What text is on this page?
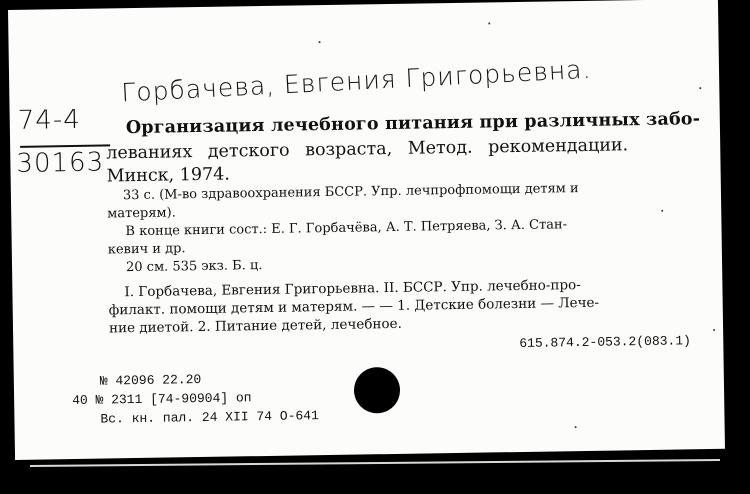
Горбачева, Евгения Григорьевна.
74-4
30163
Организация лечебного питания при различных забо-
леваниях детского возраста, Метод. рекомендации.
Минск, 1974.
33 с. (М-во здравоохранения БССР. Упр. лечпрофпомощи детям и
матерям).
В конце книги сост.: Е. Г. Горбачёва, А. Т. Петряева, З. А. Стан-
кевич и др.
20 см. 535 экз. Б. ц.
I. Горбачева, Евгения Григорьевна. II. БССР. Упр. лечебно-про-
филакт. помощи детям и матерям. — — 1. Детские болезни — Лече-
ние диетой. 2. Питание детей, лечебное.
615.874.2-053.2(083.1)
№ 42096 22.20
40 № 2311 [74-90904] оп
Вс. кн. пал. 24 XII 74 О-641
